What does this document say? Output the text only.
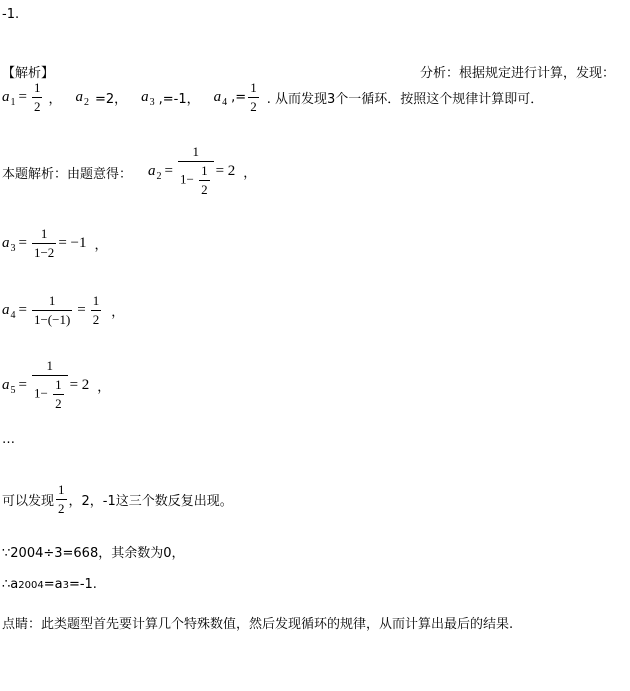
-1.
【解析】	分析：根据规定进行计算，发现：
$a_1 = \frac{1}{2}$ ， $a_2 =2$， $a_3$ ,=-1， $a_4$ ,= $\frac{1}{2}$ . 从而发现3个一循环．按照这个规律计算即可．
本题解析：由题意得： $a_2 = \frac{1}{1- \frac{1}{2}} = 2$ ，
$a_3 = \frac{1}{1-2} = -1$ ，
$a_4 = \frac{1}{1-(-1)} = \frac{1}{2}$ ，
$a_5 = \frac{1}{1- \frac{1}{2}} = 2$ ，
…
可以发现 $\frac{1}{2}$ ，2，-1这三个数反复出现。
∵2004÷3=668，其余数为0，
∴a2004=a3=-1.
点睛：此类题型首先要计算几个特殊数值，然后发现循环的规律，从而计算出最后的结果.
